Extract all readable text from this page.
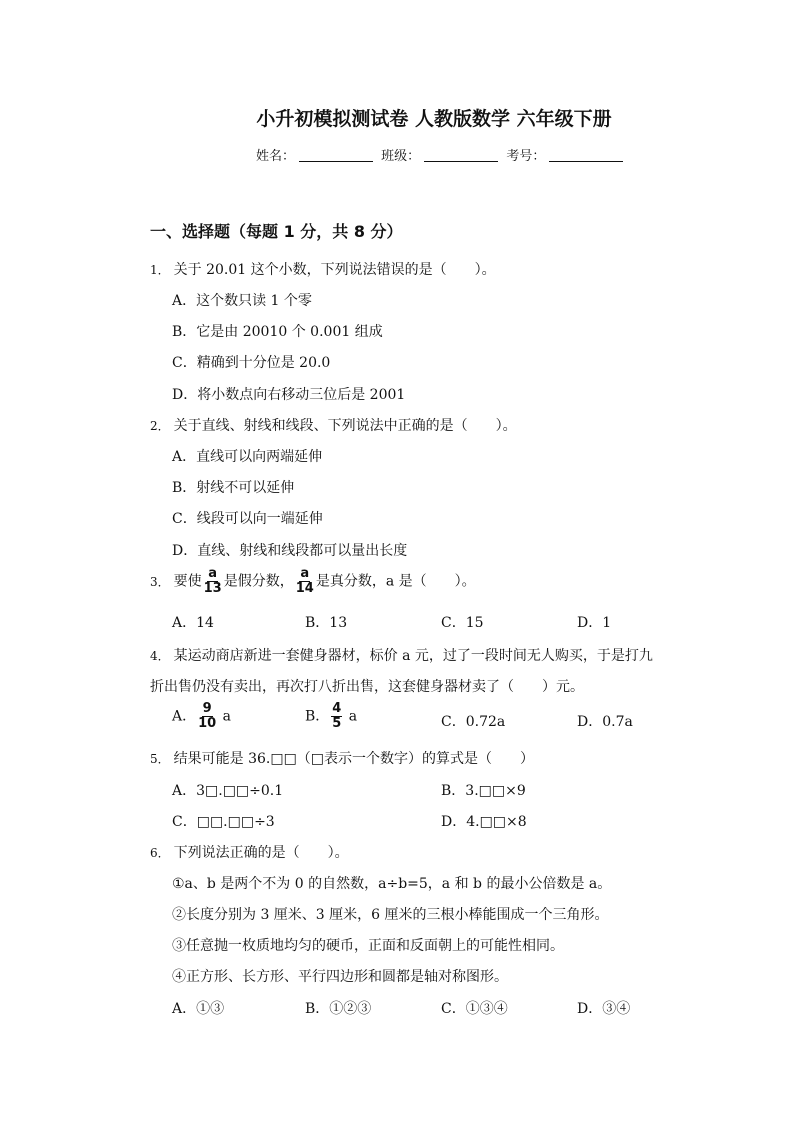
小升初模拟测试卷 人教版数学 六年级下册
姓名：	班级：	考号：
一、选择题（每题 1 分，共 8 分）
1． 关于 20.01 这个小数，下列说法错误的是（　　）。
A．这个数只读 1 个零
B．它是由 20010 个 0.001 组成
C．精确到十分位是 20.0
D．将小数点向右移动三位后是 2001
2． 关于直线、射线和线段、下列说法中正确的是（　　）。
A．直线可以向两端延伸
B．射线不可以延伸
C．线段可以向一端延伸
D．直线、射线和线段都可以量出长度
3． 要使 $\frac{a}{13}$ 是假分数， $\frac{a}{14}$ 是真分数，a 是（　　）。
A．14	B．13	C．15	D．1
4． 某运动商店新进一套健身器材，标价 a 元，过了一段时间无人购买，于是打九
折出售仍没有卖出，再次打八折出售，这套健身器材卖了（　　）元。
A． $\frac{9}{10}$ a	B． $\frac{4}{5}$ a	C．0.72a	D．0.7a
5． 结果可能是 36.□□（□表示一个数字）的算式是（　　）
A．3□.□□÷0.1	B．3.□□×9
C．□□.□□÷3	D．4.□□×8
6． 下列说法正确的是（　　）。
①a、b 是两个不为 0 的自然数，a÷b=5，a 和 b 的最小公倍数是 a。
②长度分别为 3 厘米、3 厘米，6 厘米的三根小棒能围成一个三角形。
③任意抛一枚质地均匀的硬币，正面和反面朝上的可能性相同。
④正方形、长方形、平行四边形和圆都是轴对称图形。
A．①③	B．①②③	C．①③④	D．③④
